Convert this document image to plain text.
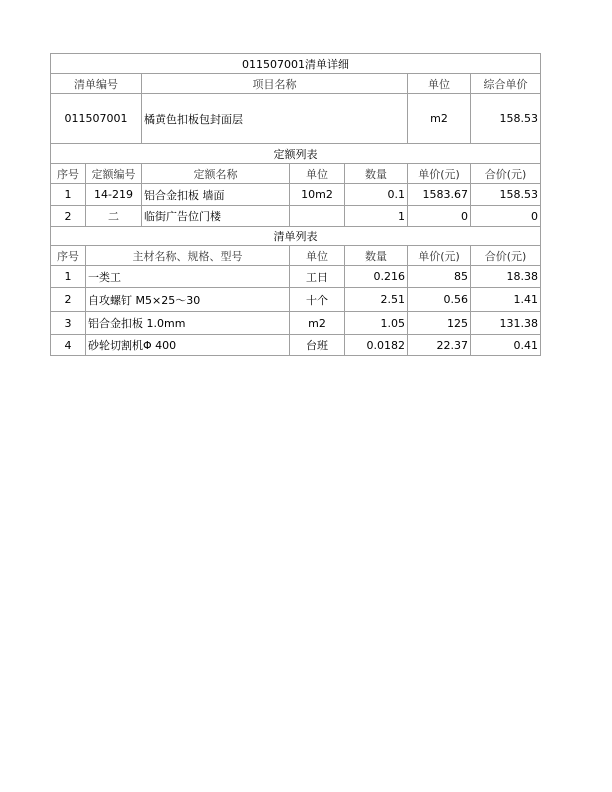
011507001清单详细						
清单编号		项目名称			单位	综合单价
011507001		橘黄色扣板包封面层			m2	158.53
定额列表						
序号	定额编号	定额名称	单位	数量	单价(元)	合价(元)
1	14-219	铝合金扣板 墙面	10m2	0.1	1583.67	158.53
2	二	临街广告位门楼		1	0	0
清单列表						
序号	主材名称、规格、型号		单位	数量	单价(元)	合价(元)
1	一类工		工日	0.216	85	18.38
2	自攻螺钉 M5×25～30		十个	2.51	0.56	1.41
3	铝合金扣板 1.0mm		m2	1.05	125	131.38
4	砂轮切割机Φ 400		台班	0.0182	22.37	0.41
